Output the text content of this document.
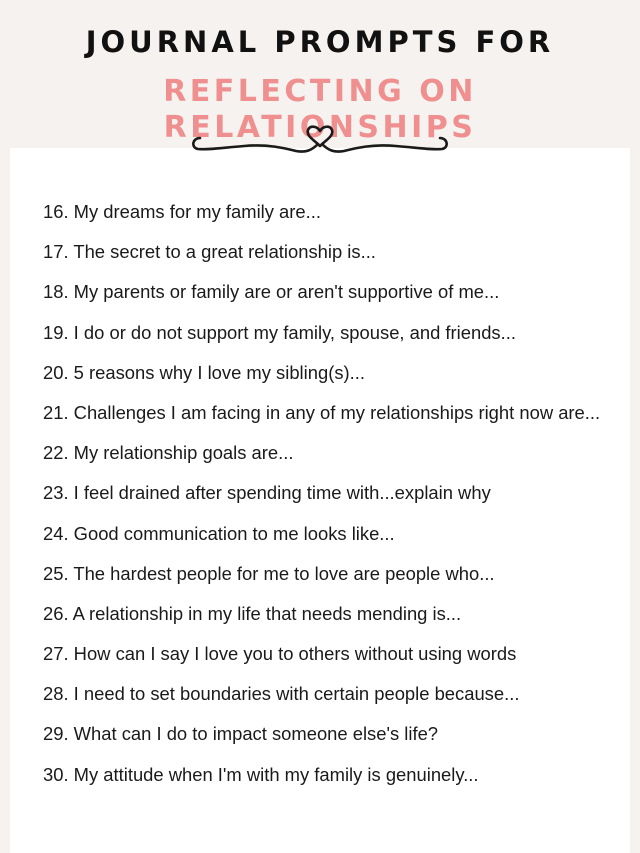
JOURNAL PROMPTS FOR
REFLECTING ON RELATIONSHIPS
16. My dreams for my family are...
17. The secret to a great relationship is...
18. My parents or family are or aren't supportive of me...
19. I do or do not support my family, spouse, and friends...
20. 5 reasons why I love my sibling(s)...
21. Challenges I am facing in any of my relationships right now are...
22. My relationship goals are...
23. I feel drained after spending time with...explain why
24. Good communication to me looks like...
25. The hardest people for me to love are people who...
26. A relationship in my life that needs mending is...
27. How can I say I love you to others without using words
28. I need to set boundaries with certain people because...
29. What can I do to impact someone else's life?
30. My attitude when I'm with my family is genuinely...
